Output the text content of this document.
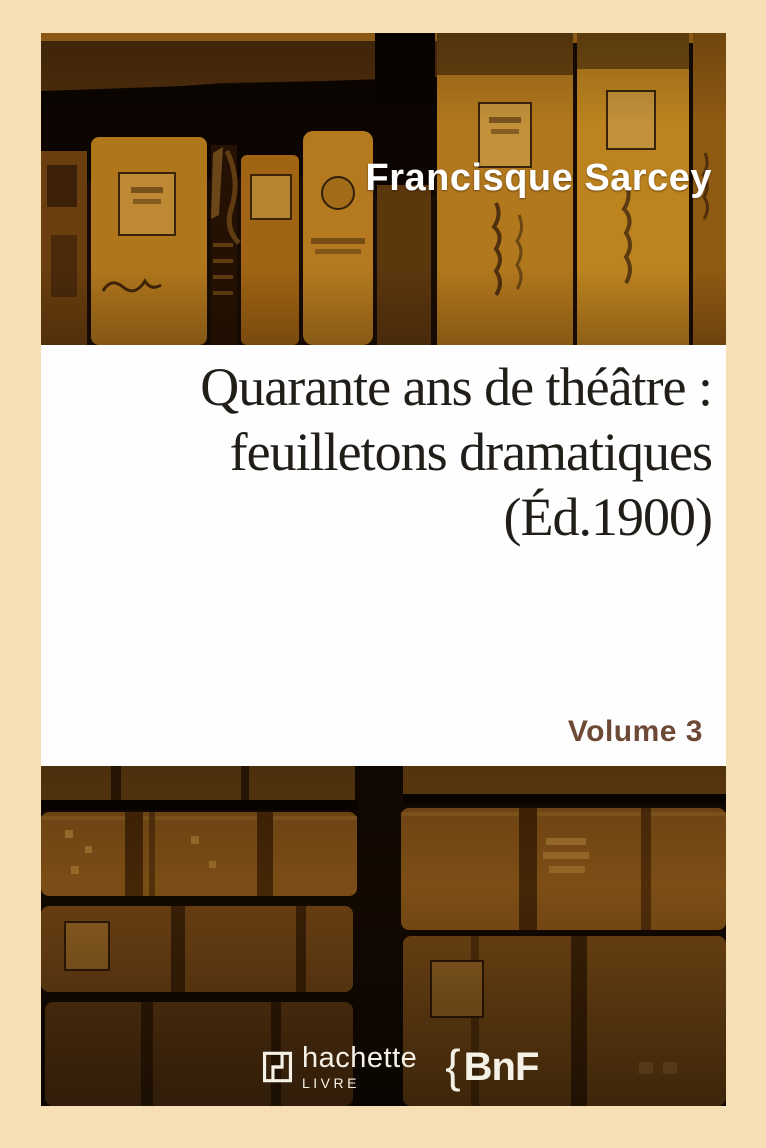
Francisque Sarcey
Quarante ans de théâtre :
feuilletons dramatiques
(Éd.1900)
Volume 3
hachette
LIVRE	{ BnF
